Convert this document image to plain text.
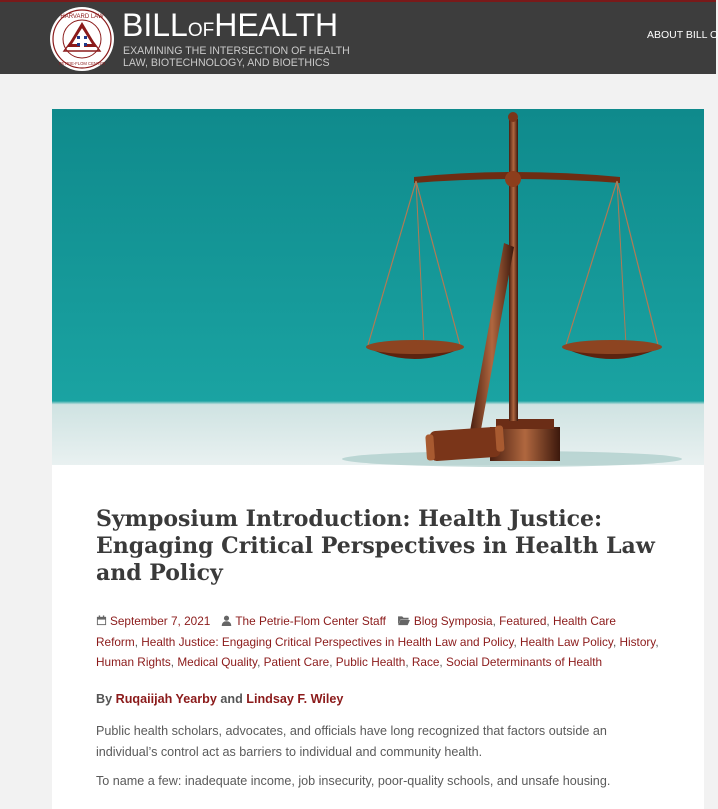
HARVARD LAW
PETRIE-FLOM CENTER
BILLOFHEALTH
EXAMINING THE INTERSECTION OF HEALTH
LAW, BIOTECHNOLOGY, AND BIOETHICS
ABOUT BILL O
Symposium Introduction: Health Justice: Engaging Critical Perspectives in Health Law and Policy
September 7, 2021 The Petrie-Flom Center Staff Blog Symposia, Featured, Health Care Reform, Health Justice: Engaging Critical Perspectives in Health Law and Policy, Health Law Policy, History, Human Rights, Medical Quality, Patient Care, Public Health, Race, Social Determinants of Health
By Ruqaiijah Yearby and Lindsay F. Wiley

Public health scholars, advocates, and officials have long recognized that factors outside an individual’s control act as barriers to individual and community health.

To name a few: inadequate income, job insecurity, poor-quality schools, and unsafe housing.
